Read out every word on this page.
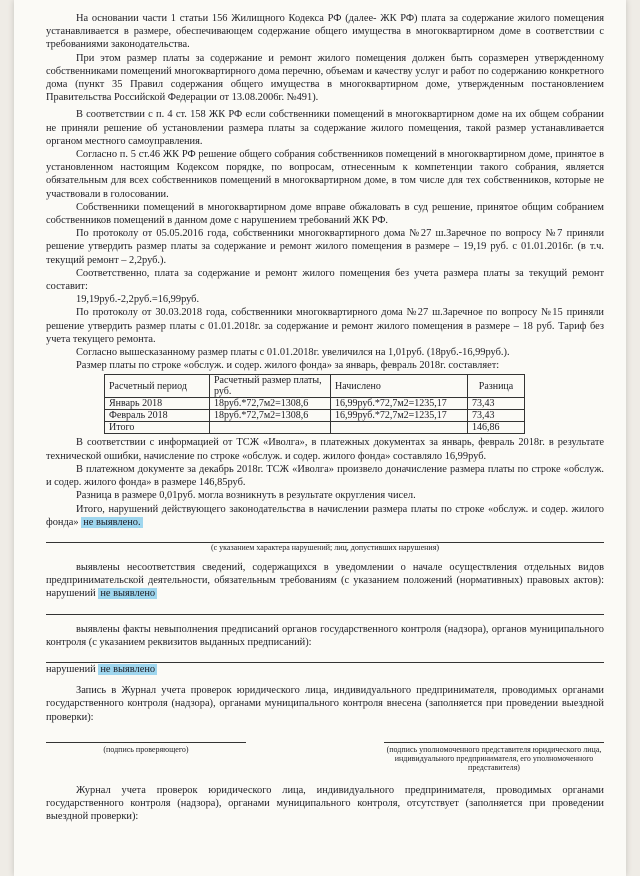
На основании части 1 статьи 156 Жилищного Кодекса РФ (далее- ЖК РФ) плата за содержание жилого помещения устанавливается в размере, обеспечивающем содержание общего имущества в многоквартирном доме в соответствии с требованиями законодательства.

При этом размер платы за содержание и ремонт жилого помещения должен быть соразмерен утвержденному собственниками помещений многоквартирного дома перечню, объемам и качеству услуг и работ по содержанию конкретного дома (пункт 35 Правил содержания общего имущества в многоквартирном доме, утвержденным постановлением Правительства Российской Федерации от 13.08.2006г. №491).

В соответствии с п. 4 ст. 158 ЖК РФ если собственники помещений в многоквартирном доме на их общем собрании не приняли решение об установлении размера платы за содержание жилого помещения, такой размер устанавливается органом местного самоуправления.

Согласно п. 5 ст.46 ЖК РФ решение общего собрания собственников помещений в многоквартирном доме, принятое в установленном настоящим Кодексом порядке, по вопросам, отнесенным к компетенции такого собрания, является обязательным для всех собственников помещений в многоквартирном доме, в том числе для тех собственников, которые не участвовали в голосовании.

Собственники помещений в многоквартирном доме вправе обжаловать в суд решение, принятое общим собранием собственников помещений в данном доме с нарушением требований ЖК РФ.

По протоколу от 05.05.2016 года, собственники многоквартирного дома №27 ш.Заречное по вопросу №7 приняли решение утвердить размер платы за содержание и ремонт жилого помещения в размере – 19,19 руб. с 01.01.2016г. (в т.ч. текущий ремонт – 2,2руб.).

Соответственно, плата за содержание и ремонт жилого помещения без учета размера платы за текущий ремонт составит:

19,19руб.-2,2руб.=16,99руб.

По протоколу от 30.03.2018 года, собственники многоквартирного дома №27 ш.Заречное по вопросу №15 приняли решение утвердить размер платы с 01.01.2018г. за содержание и ремонт жилого помещения в размере – 18 руб. Тариф без учета текущего ремонта.

Согласно вышесказанному размер платы с 01.01.2018г. увеличился на 1,01руб. (18руб.-16,99руб.).

Размер платы по строке «обслуж. и содер. жилого фонда» за январь, февраль 2018г. составляет:

Расчетный период	Расчетный размер платы, руб.	Начислено	Разница
Январь 2018	18руб.*72,7м2=1308,6	16,99руб.*72,7м2=1235,17	73,43
Февраль 2018	18руб.*72,7м2=1308,6	16,99руб.*72,7м2=1235,17	73,43
Итого			146,86

В соответствии с информацией от ТСЖ «Иволга», в платежных документах за январь, февраль 2018г. в результате технической ошибки, начисление по строке «обслуж. и содер. жилого фонда» составляло 16,99руб.

В платежном документе за декабрь 2018г. ТСЖ «Иволга» произвело доначисление размера платы по строке «обслуж. и содер. жилого фонда» в размере 146,85руб.

Разница в размере 0,01руб. могла возникнуть в результате округления чисел.

Итого, нарушений действующего законодательства в начислении размера платы по строке «обслуж. и содер. жилого фонда» не выявлено.

(с указанием характера нарушений; лиц, допустивших нарушения)

выявлены несоответствия сведений, содержащихся в уведомлении о начале осуществления отдельных видов предпринимательской деятельности, обязательным требованиям (с указанием положений (нормативных) правовых актов): нарушений не выявлено

выявлены факты невыполнения предписаний органов государственного контроля (надзора), органов муниципального контроля (с указанием реквизитов выданных предписаний):

нарушений не выявлено

Запись в Журнал учета проверок юридического лица, индивидуального предпринимателя, проводимых органами государственного контроля (надзора), органами муниципального контроля внесена (заполняется при проведении выездной проверки):

(подпись проверяющего)	(подпись уполномоченного представителя юридического лица, индивидуального предпринимателя, его уполномоченного представителя)

Журнал учета проверок юридического лица, индивидуального предпринимателя, проводимых органами государственного контроля (надзора), органами муниципального контроля, отсутствует (заполняется при проведении выездной проверки):
